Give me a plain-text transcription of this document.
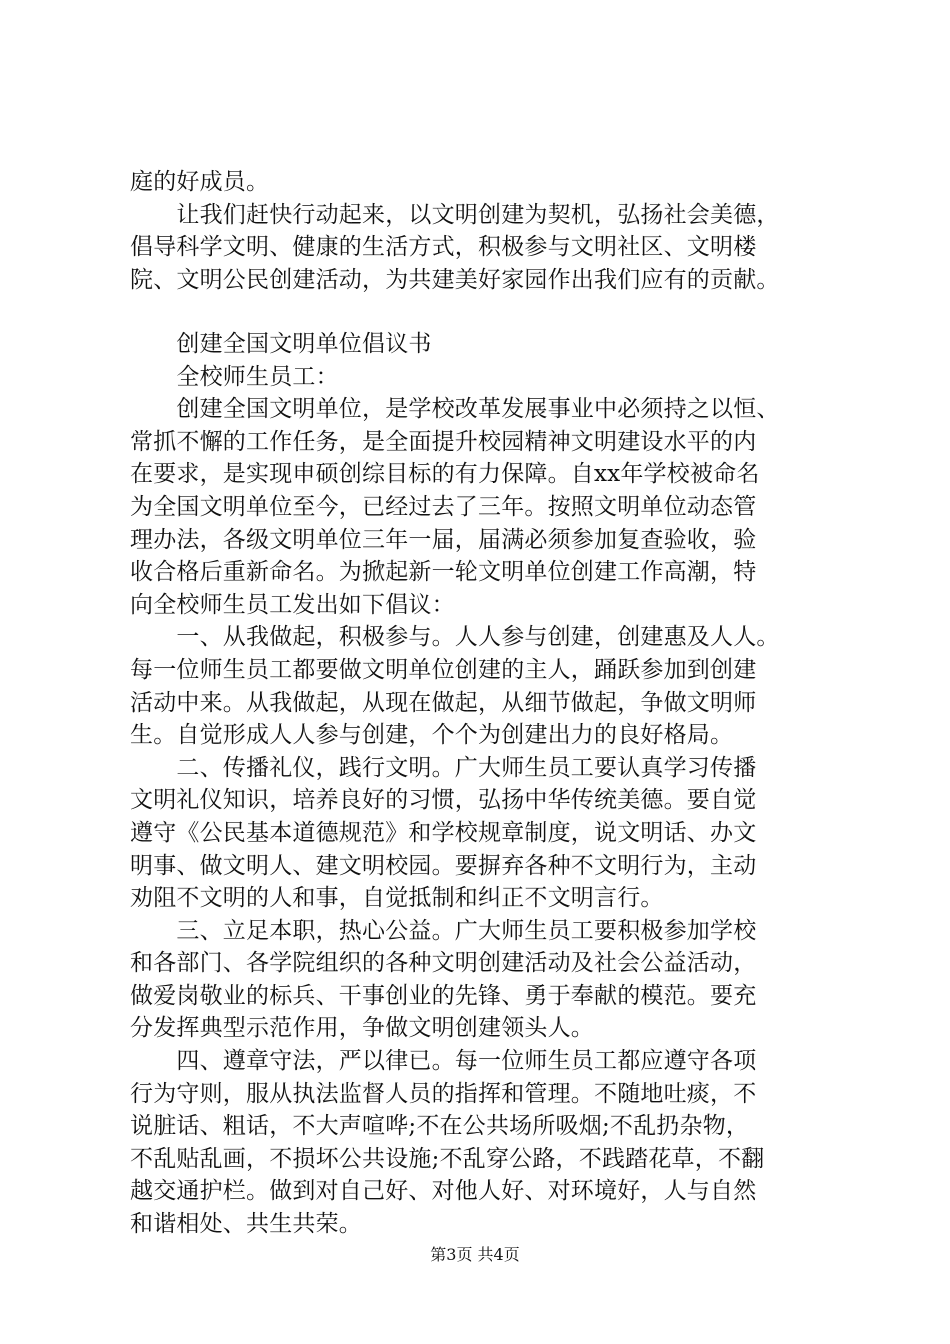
庭的好成员。
　　让我们赶快行动起来，以文明创建为契机，弘扬社会美德，
倡导科学文明、健康的生活方式，积极参与文明社区、文明楼
院、文明公民创建活动，为共建美好家园作出我们应有的贡献。
　　创建全国文明单位倡议书
　　全校师生员工：
　　创建全国文明单位，是学校改革发展事业中必须持之以恒、
常抓不懈的工作任务，是全面提升校园精神文明建设水平的内
在要求，是实现申硕创综目标的有力保障。自xx年学校被命名
为全国文明单位至今，已经过去了三年。按照文明单位动态管
理办法，各级文明单位三年一届，届满必须参加复查验收，验
收合格后重新命名。为掀起新一轮文明单位创建工作高潮，特
向全校师生员工发出如下倡议：
　　一、从我做起，积极参与。人人参与创建，创建惠及人人。
每一位师生员工都要做文明单位创建的主人，踊跃参加到创建
活动中来。从我做起，从现在做起，从细节做起，争做文明师
生。自觉形成人人参与创建，个个为创建出力的良好格局。
　　二、传播礼仪，践行文明。广大师生员工要认真学习传播
文明礼仪知识，培养良好的习惯，弘扬中华传统美德。要自觉
遵守《公民基本道德规范》和学校规章制度，说文明话、办文
明事、做文明人、建文明校园。要摒弃各种不文明行为，主动
劝阻不文明的人和事，自觉抵制和纠正不文明言行。
　　三、立足本职，热心公益。广大师生员工要积极参加学校
和各部门、各学院组织的各种文明创建活动及社会公益活动，
做爱岗敬业的标兵、干事创业的先锋、勇于奉献的模范。要充
分发挥典型示范作用，争做文明创建领头人。
　　四、遵章守法，严以律已。每一位师生员工都应遵守各项
行为守则，服从执法监督人员的指挥和管理。不随地吐痰，不
说脏话、粗话，不大声喧哗;不在公共场所吸烟;不乱扔杂物，
不乱贴乱画，不损坏公共设施;不乱穿公路，不践踏花草，不翻
越交通护栏。做到对自己好、对他人好、对环境好，人与自然
和谐相处、共生共荣。
第3页 共4页
